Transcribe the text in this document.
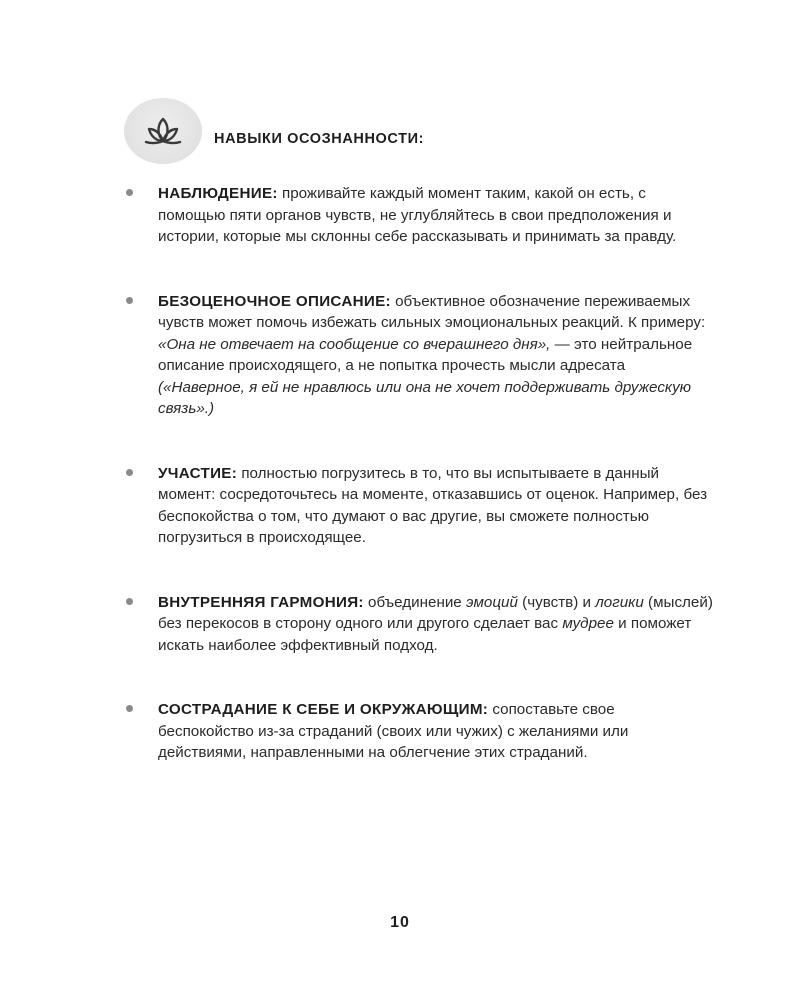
НАВЫКИ ОСОЗНАННОСТИ:
НАБЛЮДЕНИЕ: проживайте каждый момент таким, какой он есть, с помощью пяти органов чувств, не углубляйтесь в свои предположения и истории, которые мы склонны себе рассказывать и принимать за правду.
БЕЗОЦЕНОЧНОЕ ОПИСАНИЕ: объективное обозначение переживаемых чувств может помочь избежать сильных эмоциональных реакций. К примеру: «Она не отвечает на сообщение со вчерашнего дня», — это нейтральное описание происходящего, а не попытка прочесть мысли адресата («Наверное, я ей не нравлюсь или она не хочет поддерживать дружескую связь».)
УЧАСТИЕ: полностью погрузитесь в то, что вы испытываете в данный момент: сосредоточьтесь на моменте, отказавшись от оценок. Например, без беспокойства о том, что думают о вас другие, вы сможете полностью погрузиться в происходящее.
ВНУТРЕННЯЯ ГАРМОНИЯ: объединение эмоций (чувств) и логики (мыслей) без перекосов в сторону одного или другого сделает вас мудрее и поможет искать наиболее эффективный подход.
СОСТРАДАНИЕ К СЕБЕ И ОКРУЖАЮЩИМ: сопоставьте свое беспокойство из-за страданий (своих или чужих) с желаниями или действиями, направленными на облегчение этих страданий.
10
